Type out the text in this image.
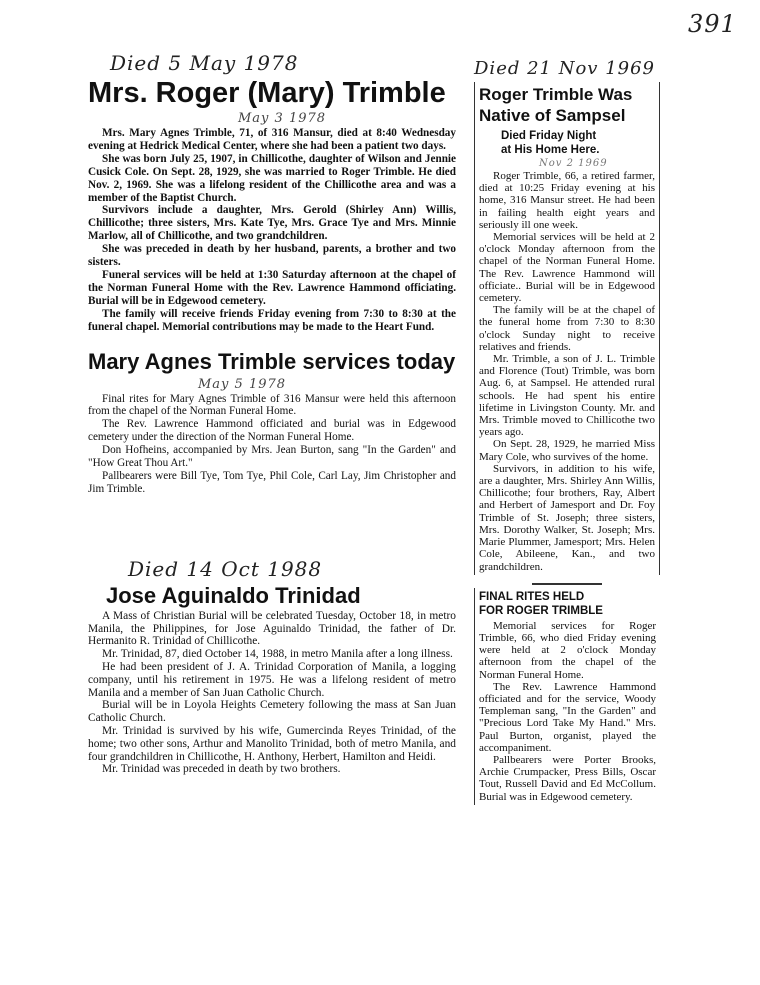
391
Died 5 May 1978
Mrs. Roger (Mary) Trimble
May 3 1978

Mrs. Mary Agnes Trimble, 71, of 316 Mansur, died at 8:40 Wednesday evening at Hedrick Medical Center, where she had been a patient two days.

She was born July 25, 1907, in Chillicothe, daughter of Wilson and Jennie Cusick Cole. On Sept. 28, 1929, she was married to Roger Trimble. He died Nov. 2, 1969. She was a lifelong resident of the Chillicothe area and was a member of the Baptist Church.

Survivors include a daughter, Mrs. Gerold (Shirley Ann) Willis, Chillicothe; three sisters, Mrs. Kate Tye, Mrs. Grace Tye and Mrs. Minnie Marlow, all of Chillicothe, and two grandchildren.

She was preceded in death by her husband, parents, a brother and two sisters.

Funeral services will be held at 1:30 Saturday afternoon at the chapel of the Norman Funeral Home with the Rev. Lawrence Hammond officiating. Burial will be in Edgewood cemetery.

The family will receive friends Friday evening from 7:30 to 8:30 at the funeral chapel. Memorial contributions may be made to the Heart Fund.

Mary Agnes Trimble services today
May 5 1978

Final rites for Mary Agnes Trimble of 316 Mansur were held this afternoon from the chapel of the Norman Funeral Home.

The Rev. Lawrence Hammond officiated and burial was in Edgewood cemetery under the direction of the Norman Funeral Home.

Don Hofheins, accompanied by Mrs. Jean Burton, sang "In the Garden" and "How Great Thou Art."

Pallbearers were Bill Tye, Tom Tye, Phil Cole, Carl Lay, Jim Christopher and Jim Trimble.

Died 14 Oct 1988
Jose Aguinaldo Trinidad

A Mass of Christian Burial will be celebrated Tuesday, October 18, in metro Manila, the Philippines, for Jose Aguinaldo Trinidad, the father of Dr. Hermanito R. Trinidad of Chillicothe.

Mr. Trinidad, 87, died October 14, 1988, in metro Manila after a long illness.

He had been president of J. A. Trinidad Corporation of Manila, a logging company, until his retirement in 1975. He was a lifelong resident of metro Manila and a member of San Juan Catholic Church.

Burial will be in Loyola Heights Cemetery following the mass at San Juan Catholic Church.

Mr. Trinidad is survived by his wife, Gumercinda Reyes Trinidad, of the home; two other sons, Arthur and Manolito Trinidad, both of metro Manila, and four grandchildren in Chillicothe, H. Anthony, Herbert, Hamilton and Heidi.

Mr. Trinidad was preceded in death by two brothers.

Died 21 Nov 1969
Roger Trimble Was
Native of Sampsel
Died Friday Night
at His Home Here.
Nov 2 1969

Roger Trimble, 66, a retired farmer, died at 10:25 Friday evening at his home, 316 Mansur street. He had been in failing health eight years and seriously ill one week.

Memorial services will be held at 2 o'clock Monday afternoon from the chapel of the Norman Funeral Home. The Rev. Lawrence Hammond will officiate.. Burial will be in Edgewood cemetery.

The family will be at the chapel of the funeral home from 7:30 to 8:30 o'clock Sunday night to receive relatives and friends.

Mr. Trimble, a son of J. L. Trimble and Florence (Tout) Trimble, was born Aug. 6, at Sampsel. He attended rural schools. He had spent his entire lifetime in Livingston County. Mr. and Mrs. Trimble moved to Chillicothe two years ago.

On Sept. 28, 1929, he married Miss Mary Cole, who survives of the home.

Survivors, in addition to his wife, are a daughter, Mrs. Shirley Ann Willis, Chillicothe; four brothers, Ray, Albert and Herbert of Jamesport and Dr. Foy Trimble of St. Joseph; three sisters, Mrs. Dorothy Walker, St. Joseph; Mrs. Marie Plummer, Jamesport; Mrs. Helen Cole, Abileene, Kan., and two grandchildren.

FINAL RITES HELD
FOR ROGER TRIMBLE

Memorial services for Roger Trimble, 66, who died Friday evening were held at 2 o'clock Monday afternoon from the chapel of the Norman Funeral Home.

The Rev. Lawrence Hammond officiated and for the service, Woody Templeman sang, "In the Garden" and "Precious Lord Take My Hand." Mrs. Paul Burton, organist, played the accompaniment.

Pallbearers were Porter Brooks, Archie Crumpacker, Press Bills, Oscar Tout, Russell David and Ed McCollum. Burial was in Edgewood cemetery.
